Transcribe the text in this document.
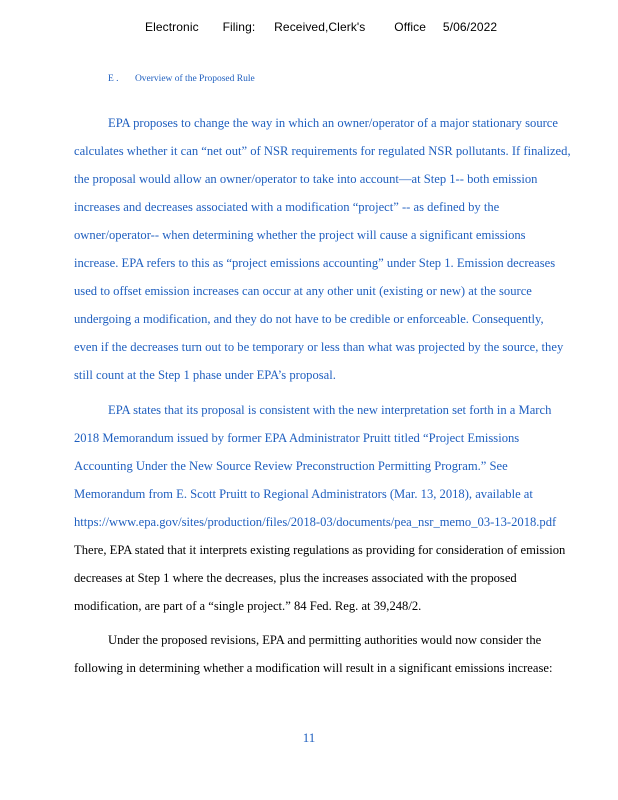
Electronic Filing: Received,Clerk's Office 5/06/2022
E . Overview of the Proposed Rule
EPA proposes to change the way in which an owner/operator of a major stationary source
calculates whether it can “net out” of NSR requirements for regulated NSR pollutants. If finalized,
the proposal would allow an owner/operator to take into account—at Step 1-- both emission
increases and decreases associated with a modification “project” -- as defined by the
owner/operator-- when determining whether the project will cause a significant emissions
increase. EPA refers to this as “project emissions accounting” under Step 1. Emission decreases
used to offset emission increases can occur at any other unit (existing or new) at the source
undergoing a modification, and they do not have to be credible or enforceable. Consequently,
even if the decreases turn out to be temporary or less than what was projected by the source, they
still count at the Step 1 phase under EPA’s proposal.
EPA states that its proposal is consistent with the new interpretation set forth in a March
2018 Memorandum issued by former EPA Administrator Pruitt titled “Project Emissions
Accounting Under the New Source Review Preconstruction Permitting Program.” See
Memorandum from E. Scott Pruitt to Regional Administrators (Mar. 13, 2018), available at
https://www.epa.gov/sites/production/files/2018-03/documents/pea_nsr_memo_03-13-2018.pdf
There, EPA stated that it interprets existing regulations as providing for consideration of emission
decreases at Step 1 where the decreases, plus the increases associated with the proposed
modification, are part of a “single project.” 84 Fed. Reg. at 39,248/2.
Under the proposed revisions, EPA and permitting authorities would now consider the
following in determining whether a modification will result in a significant emissions increase:
11
